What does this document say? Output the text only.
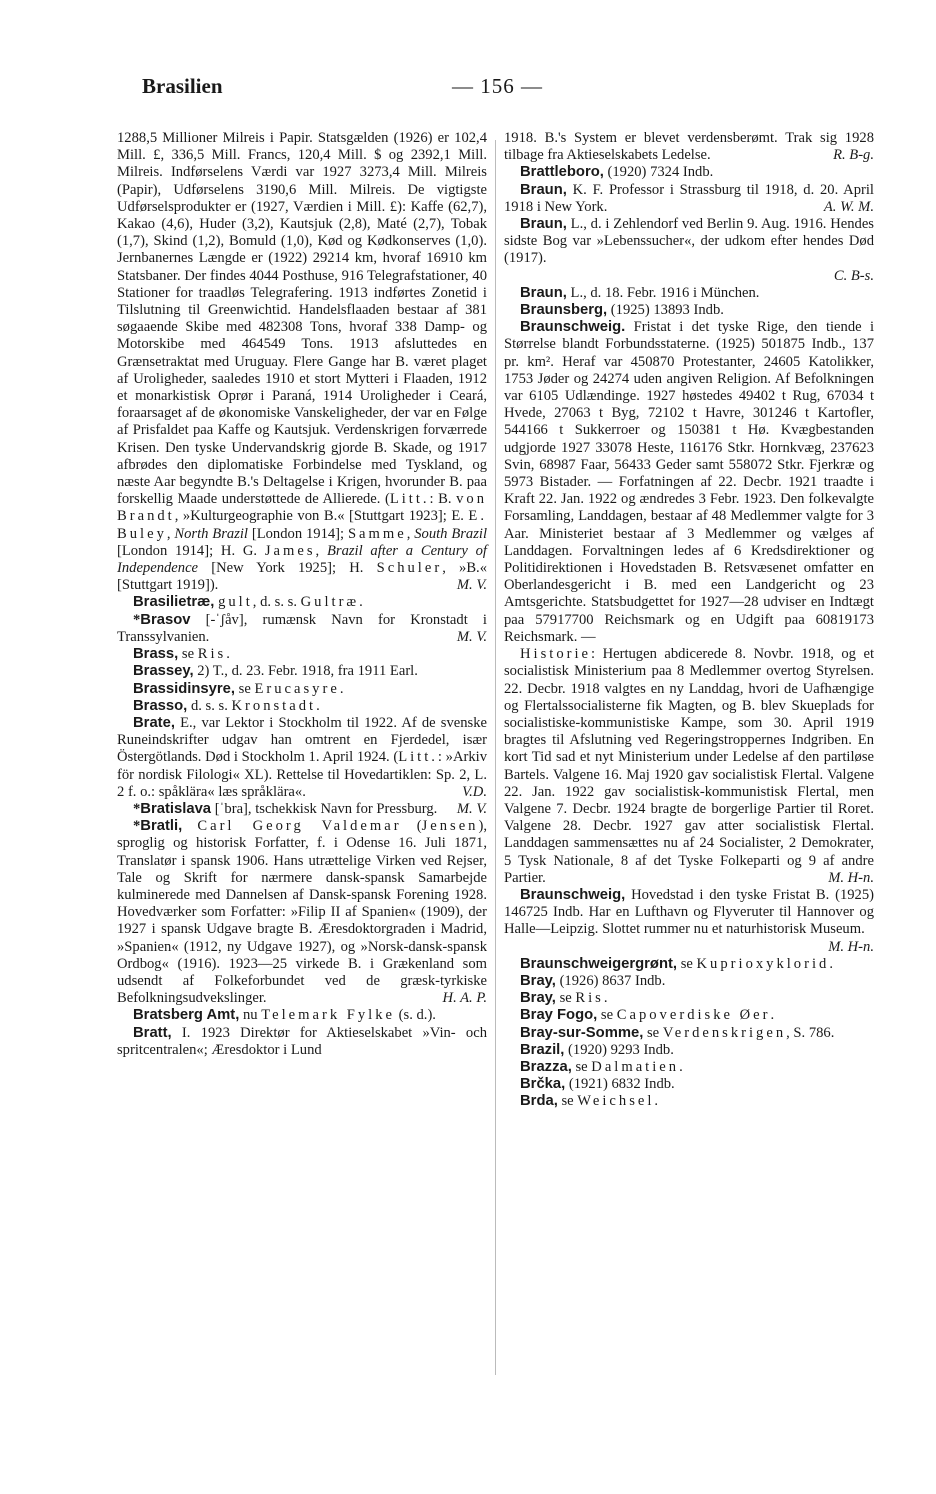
Brasilien	— 156 —

1288,5 Millioner Milreis i Papir. Statsgælden (1926) er 102,4 Mill. £, 336,5 Mill. Francs, 120,4 Mill. $ og 2392,1 Mill. Milreis. Indførselens Værdi var 1927 3273,4 Mill. Milreis (Papir), Udførselens 3190,6 Mill. Milreis. De vigtigste Udførselsprodukter er (1927, Værdien i Mill. £): Kaffe (62,7), Kakao (4,6), Huder (3,2), Kautsjuk (2,8), Maté (2,7), Tobak (1,7), Skind (1,2), Bomuld (1,0), Kød og Kødkonserves (1,0). Jernbanernes Længde er (1922) 29214 km, hvoraf 16910 km Statsbaner. Der findes 4044 Posthuse, 916 Telegrafstationer, 40 Stationer for traadløs Telegrafering. 1913 indførtes Zonetid i Tilslutning til Greenwichtid. Handelsflaaden bestaar af 381 søgaaende Skibe med 482308 Tons, hvoraf 338 Damp- og Motorskibe med 464549 Tons. 1913 afsluttedes en Grænsetraktat med Uruguay. Flere Gange har B. været plaget af Uroligheder, saaledes 1910 et stort Mytteri i Flaaden, 1912 et monarkistisk Oprør i Paraná, 1914 Uroligheder i Ceará, foraarsaget af de økonomiske Vanskeligheder, der var en Følge af Prisfaldet paa Kaffe og Kautsjuk. Verdenskrigen forværrede Krisen. Den tyske Undervandskrig gjorde B. Skade, og 1917 afbrødes den diplomatiske Forbindelse med Tyskland, og næste Aar begyndte B.'s Deltagelse i Krigen, hvorunder B. paa forskellig Maade understøttede de Allierede. (Litt.: B. von Brandt, »Kulturgeographie von B.« [Stuttgart 1923]; E. E. Buley, North Brazil [London 1914]; Samme, South Brazil [London 1914]; H. G. James, Brazil after a Century of Independence [New York 1925]; H. Schuler, »B.« [Stuttgart 1919]).	M. V.

Brasilietræ, gult, d. s. s. Gultræ.

*Brasov [-ˈʃåv], rumænsk Navn for Kronstadt i Transsylvanien.	M. V.

Brass, se Ris.

Brassey, 2) T., d. 23. Febr. 1918, fra 1911 Earl.

Brassidinsyre, se Erucasyre.

Brasso, d. s. s. Kronstadt.

Brate, E., var Lektor i Stockholm til 1922. Af de svenske Runeindskrifter udgav han omtrent en Fjerdedel, især Östergötlands. Død i Stockholm 1. April 1924. (Litt.: »Arkiv för nordisk Filologi« XL). Rettelse til Hovedartiklen: Sp. 2, L. 2 f. o.: spåklära« læs språklära«.	V.D.

*Bratislava [ˈbra], tschekkisk Navn for Pressburg.	M. V.

*Bratli, Carl Georg Valdemar (Jensen), sproglig og historisk Forfatter, f. i Odense 16. Juli 1871, Translatør i spansk 1906. Hans utrættelige Virken ved Rejser, Tale og Skrift for nærmere dansk-spansk Samarbejde kulminerede med Dannelsen af Dansk-spansk Forening 1928. Hovedværker som Forfatter: »Filip II af Spanien« (1909), der 1927 i spansk Udgave bragte B. Æresdoktorgraden i Madrid, »Spanien« (1912, ny Udgave 1927), og »Norsk-dansk-spansk Ordbog« (1916). 1923—25 virkede B. i Grækenland som udsendt af Folkeforbundet ved de græsk-tyrkiske Befolkningsudvekslinger.	H. A. P.

Bratsberg Amt, nu Telemark Fylke (s. d.).

Bratt, I. 1923 Direktør for Aktieselskabet »Vin- och spritcentralen«; Æresdoktor i Lund

1918. B.'s System er blevet verdensberømt. Trak sig 1928 tilbage fra Aktieselskabets Ledelse.	R. B-g.

Brattleboro, (1920) 7324 Indb.

Braun, K. F. Professor i Strassburg til 1918, d. 20. April 1918 i New York.	A. W. M.

Braun, L., d. i Zehlendorf ved Berlin 9. Aug. 1916. Hendes sidste Bog var »Lebenssucher«, der udkom efter hendes Død (1917).
C. B-s.

Braun, L., d. 18. Febr. 1916 i München.

Braunsberg, (1925) 13893 Indb.

Braunschweig. Fristat i det tyske Rige, den tiende i Størrelse blandt Forbundsstaterne. (1925) 501875 Indb., 137 pr. km². Heraf var 450870 Protestanter, 24605 Katolikker, 1753 Jøder og 24274 uden angiven Religion. Af Befolkningen var 6105 Udlændinge. 1927 høstedes 49402 t Rug, 67034 t Hvede, 27063 t Byg, 72102 t Havre, 301246 t Kartofler, 544166 t Sukkerroer og 150381 t Hø. Kvægbestanden udgjorde 1927 33078 Heste, 116176 Stkr. Hornkvæg, 237623 Svin, 68987 Faar, 56433 Geder samt 558072 Stkr. Fjerkræ og 5973 Bistader. — Forfatningen af 22. Decbr. 1921 traadte i Kraft 22. Jan. 1922 og ændredes 3 Febr. 1923. Den folkevalgte Forsamling, Landdagen, bestaar af 48 Medlemmer valgte for 3 Aar. Ministeriet bestaar af 3 Medlemmer og vælges af Landdagen. Forvaltningen ledes af 6 Kredsdirektioner og Politidirektionen i Hovedstaden B. Retsvæsenet omfatter en Oberlandesgericht i B. med een Landgericht og 23 Amtsgerichte. Statsbudgettet for 1927—28 udviser en Indtægt paa 57917700 Reichsmark og en Udgift paa 60819173 Reichsmark. —

Historie: Hertugen abdicerede 8. Novbr. 1918, og et socialistisk Ministerium paa 8 Medlemmer overtog Styrelsen. 22. Decbr. 1918 valgtes en ny Landdag, hvori de Uafhængige og Flertalssocialisterne fik Magten, og B. blev Skueplads for socialistiske-kommunistiske Kampe, som 30. April 1919 bragtes til Afslutning ved Regeringstroppernes Indgriben. En kort Tid sad et nyt Ministerium under Ledelse af den partiløse Bartels. Valgene 16. Maj 1920 gav socialistisk Flertal. Valgene 22. Jan. 1922 gav socialistisk-kommunistisk Flertal, men Valgene 7. Decbr. 1924 bragte de borgerlige Partier til Roret. Valgene 28. Decbr. 1927 gav atter socialistisk Flertal. Landdagen sammensættes nu af 24 Socialister, 2 Demokrater, 5 Tysk Nationale, 8 af det Tyske Folkeparti og 9 af andre Partier.	M. H-n.

Braunschweig, Hovedstad i den tyske Fristat B. (1925) 146725 Indb. Har en Lufthavn og Flyveruter til Hannover og Halle—Leipzig. Slottet rummer nu et naturhistorisk Museum.
M. H-n.

Braunschweigergrønt, se Kuprioxyklorid.

Bray, (1926) 8637 Indb.

Bray, se Ris.

Bray Fogo, se Capoverdiske Øer.

Bray-sur-Somme, se Verdenskrigen, S. 786.

Brazil, (1920) 9293 Indb.

Brazza, se Dalmatien.

Brčka, (1921) 6832 Indb.

Brda, se Weichsel.
